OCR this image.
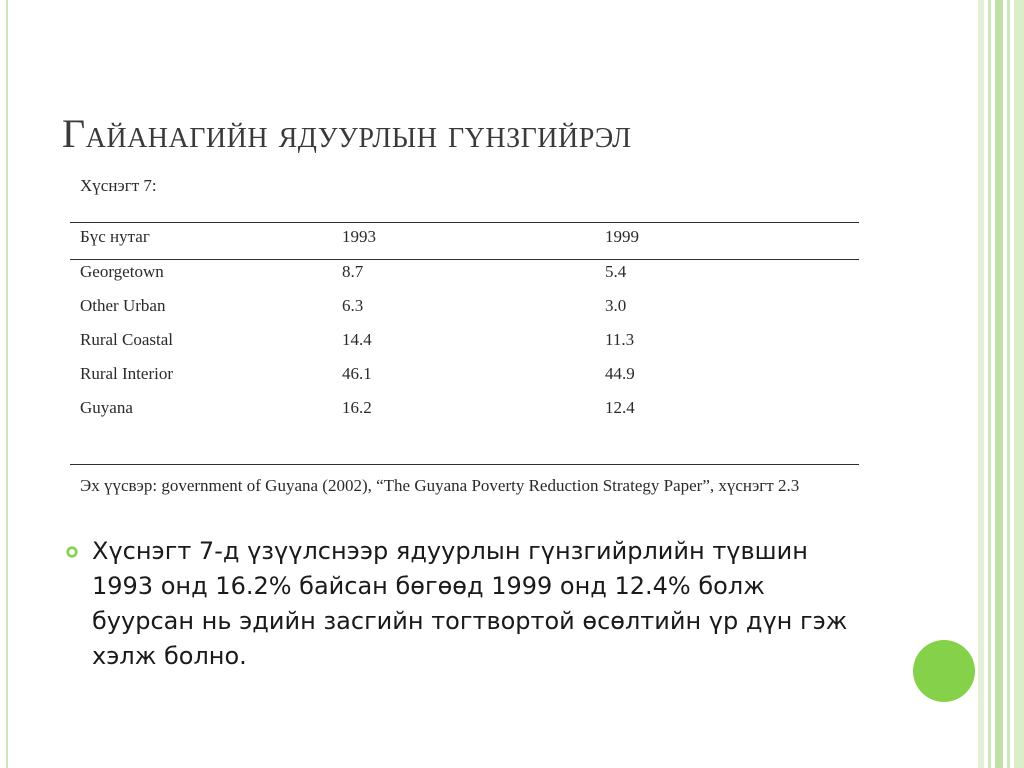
Гайанагийн ядуурлын гүнзгийрэл
Хүснэгт 7:
Бүс нутаг	1993	1999
Georgetown	8.7	5.4
Other Urban	6.3	3.0
Rural Coastal	14.4	11.3
Rural Interior	46.1	44.9
Guyana	16.2	12.4
Эх үүсвэр: government of Guyana (2002), “The Guyana Poverty Reduction Strategy Paper”, хүснэгт 2.3
Хүснэгт 7-д үзүүлснээр ядуурлын гүнзгийрлийн түвшин 1993 онд 16.2% байсан бөгөөд 1999 онд 12.4% болж буурсан нь эдийн засгийн тогтвортой өсөлтийн үр дүн гэж хэлж болно.
